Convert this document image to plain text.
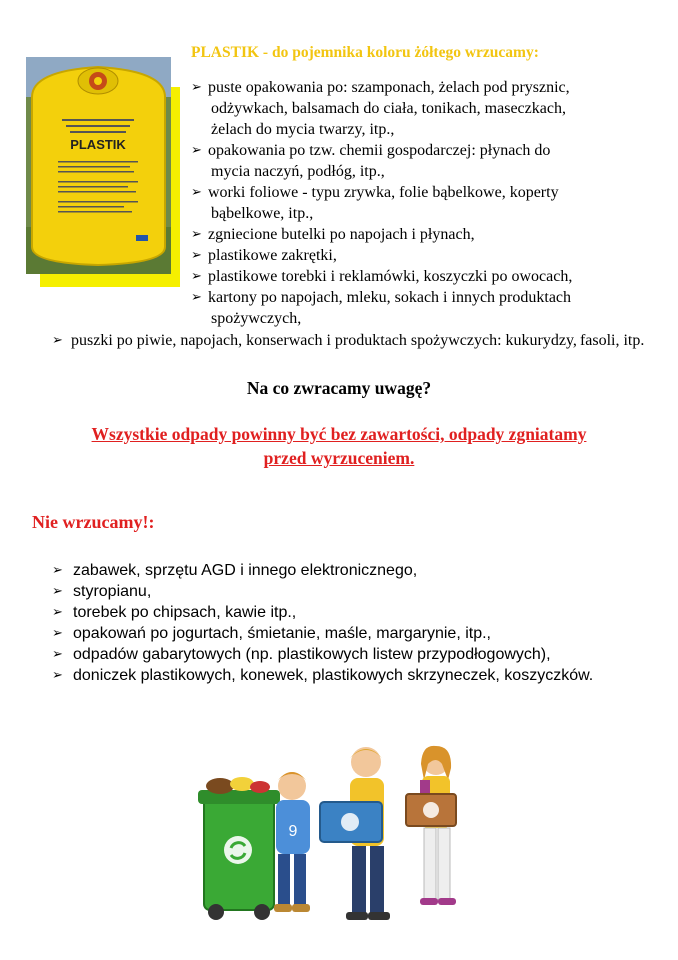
PLASTIK
PLASTIK - do pojemnika koloru żółtego wrzucamy:
➢ puste opakowania po: szamponach, żelach pod prysznic,
odżywkach, balsamach do ciała, tonikach, maseczkach,
żelach do mycia twarzy, itp.,
➢ opakowania po tzw. chemii gospodarczej: płynach do
mycia naczyń, podłóg, itp.,
➢ worki foliowe - typu zrywka, folie bąbelkowe, koperty
bąbelkowe, itp.,
➢ zgniecione butelki po napojach i płynach,
➢ plastikowe zakrętki,
➢ plastikowe torebki i reklamówki, koszyczki po owocach,
➢ kartony po napojach, mleku, sokach i innych produktach
spożywczych,
➢ puszki po piwie, napojach, konserwach i produktach spożywczych: kukurydzy, fasoli, itp.
Na co zwracamy uwagę?
Wszystkie odpady powinny być bez zawartości, odpady zgniatamy
przed wyrzuceniem.
Nie wrzucamy!:
➢ zabawek, sprzętu AGD i innego elektronicznego,
➢ styropianu,
➢ torebek po chipsach, kawie itp.,
➢ opakowań po jogurtach, śmietanie, maśle, margarynie, itp.,
➢ odpadów gabarytowych (np. plastikowych listew przypodłogowych),
➢ doniczek plastikowych, konewek, plastikowych skrzyneczek, koszyczków.
9
